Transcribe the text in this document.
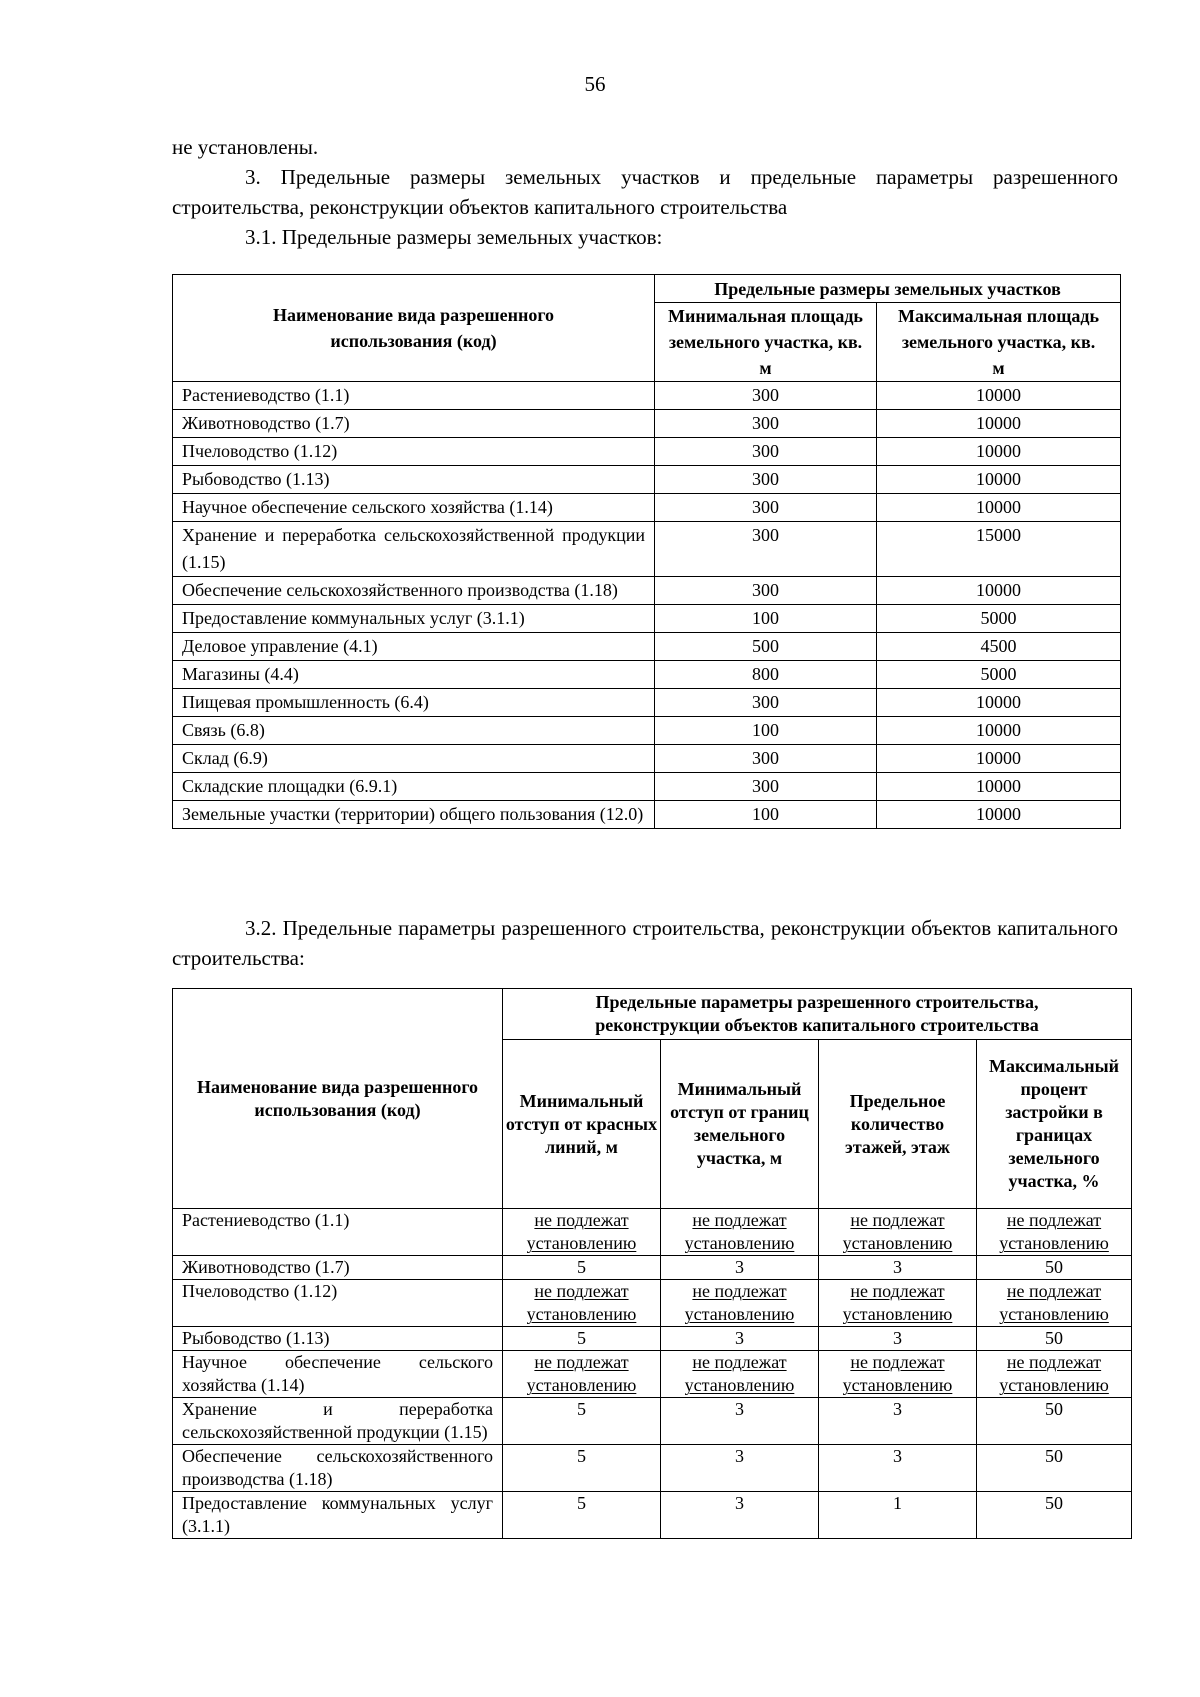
56
не установлены.
3. Предельные размеры земельных участков и предельные параметры разрешенного строительства, реконструкции объектов капитального строительства
3.1. Предельные размеры земельных участков:
Наименование вида разрешенного использования (код)	Предельные размеры земельных участков	
	Минимальная площадь земельного участка, кв. м	Максимальная площадь земельного участка, кв. м
Растениеводство (1.1)	300	10000
Животноводство (1.7)	300	10000
Пчеловодство (1.12)	300	10000
Рыбоводство (1.13)	300	10000
Научное обеспечение сельского хозяйства (1.14)	300	10000
Хранение и переработка сельскохозяйственной продукции (1.15)	300	15000
Обеспечение сельскохозяйственного производства (1.18)	300	10000
Предоставление коммунальных услуг (3.1.1)	100	5000
Деловое управление (4.1)	500	4500
Магазины (4.4)	800	5000
Пищевая промышленность (6.4)	300	10000
Связь (6.8)	100	10000
Склад (6.9)	300	10000
Складские площадки (6.9.1)	300	10000
Земельные участки (территории) общего пользования (12.0)	100	10000
3.2. Предельные параметры разрешенного строительства, реконструкции объектов капитального строительства:
Наименование вида разрешенного использования (код)	Предельные параметры разрешенного строительства, реконструкции объектов капитального строительства			
	Минимальный отступ от красных линий, м	Минимальный отступ от границ земельного участка, м	Предельное количество этажей, этаж	Максимальный процент застройки в границах земельного участка, %
Растениеводство (1.1)	не подлежат установлению	не подлежат установлению	не подлежат установлению	не подлежат установлению
Животноводство (1.7)	5	3	3	50
Пчеловодство (1.12)	не подлежат установлению	не подлежат установлению	не подлежат установлению	не подлежат установлению
Рыбоводство (1.13)	5	3	3	50
Научное обеспечение сельского хозяйства (1.14)	не подлежат установлению	не подлежат установлению	не подлежат установлению	не подлежат установлению
Хранение и переработка сельскохозяйственной продукции (1.15)	5	3	3	50
Обеспечение сельскохозяйственного производства (1.18)	5	3	3	50
Предоставление коммунальных услуг (3.1.1)	5	3	1	50
